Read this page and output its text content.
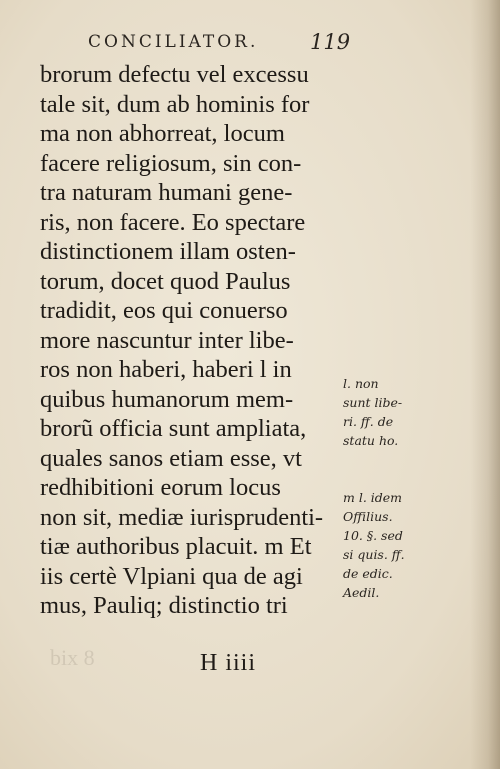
CONCILIATOR. 119
brorum defectu vel excessu
tale sit, dum ab hominis for
ma non abhorreat, locum
facere religiosum, sin con-
tra naturam humani gene-
ris, non facere. Eo spectare
distinctionem illam osten-
torum, docet quod Paulus
tradidit, eos qui conuerso
more nascuntur inter libe-
ros non haberi, haberi l in
quibus humanorum mem-
brorũ officia sunt ampliata,
quales sanos etiam esse, vt
redhibitioni eorum locus
non sit, mediæ iurisprudenti-
tiæ authoribus placuit. m Et
iis certè Vlpiani qua de agi
mus, Pauliq; distinctio tri
l. non
sunt libe-
ri. ff. de
statu ho.
m l. idem
Offilius.
10. §. sed
si quis. ff.
de edic.
Aedil.
bix 8	H iiii
